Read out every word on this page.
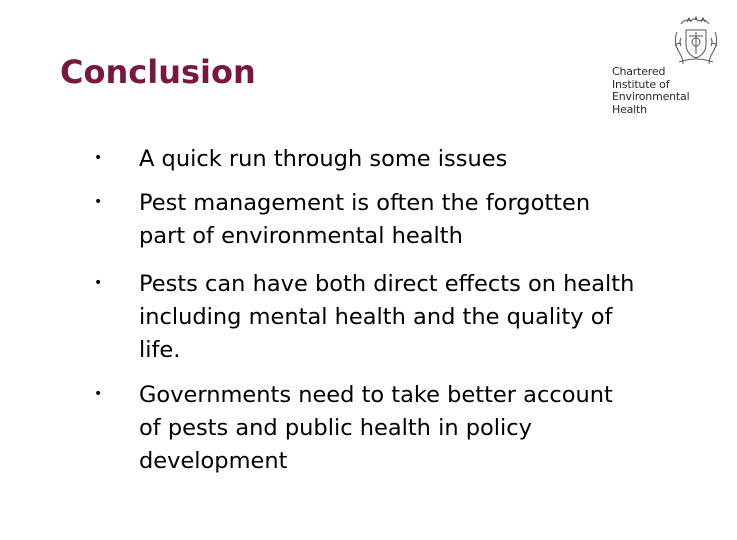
Conclusion	Chartered
Institute of
Environmental
Health
• A quick run through some issues
• Pest management is often the forgotten
part of environmental health
• Pests can have both direct effects on health
including mental health and the quality of
life.
• Governments need to take better account
of pests and public health in policy
development
